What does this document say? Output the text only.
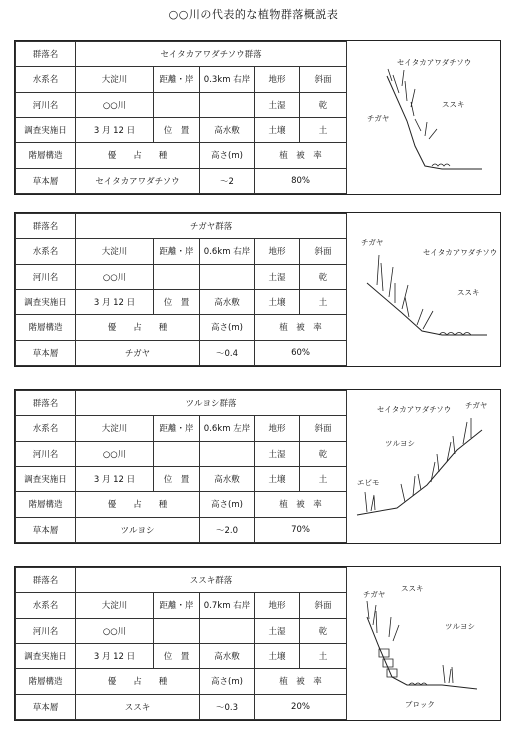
○○川の代表的な植物群落概説表
群落名	セイタカアワダチソウ群落				
水系名	大淀川	距離・岸	0.3km 右岸	地形	斜面
河川名	○○川			土湿	乾
調査実施日	3 月 12 日	位　置	高水敷	土壌	土
階層構造	優　　占　　種		高さ(m)	植　被　率	
草本層	セイタカアワダチソウ		～2	80%	
セイタカアワダチソウ
ススキ
チガヤ
群落名	チガヤ群落				
水系名	大淀川	距離・岸	0.6km 右岸	地形	斜面
河川名	○○川			土湿	乾
調査実施日	3 月 12 日	位　置	高水敷	土壌	土
階層構造	優　　占　　種		高さ(m)	植　被　率	
草本層	チガヤ		～0.4	60%	
チガヤ
セイタカアワダチソウ
ススキ
群落名	ツルヨシ群落				
水系名	大淀川	距離・岸	0.6km 左岸	地形	斜面
河川名	○○川			土湿	乾
調査実施日	3 月 12 日	位　置	高水敷	土壌	土
階層構造	優　　占　　種		高さ(m)	植　被　率	
草本層	ツルヨシ		～2.0	70%	
セイタカアワダチソウ チガヤ
ツルヨシ
エビモ
群落名	ススキ群落				
水系名	大淀川	距離・岸	0.7km 右岸	地形	斜面
河川名	○○川			土湿	乾
調査実施日	3 月 12 日	位　置	高水敷	土壌	土
階層構造	優　　占　　種		高さ(m)	植　被　率	
草本層	ススキ		～0.3	20%	
チガヤ
ススキ
ツルヨシ
ブロック
